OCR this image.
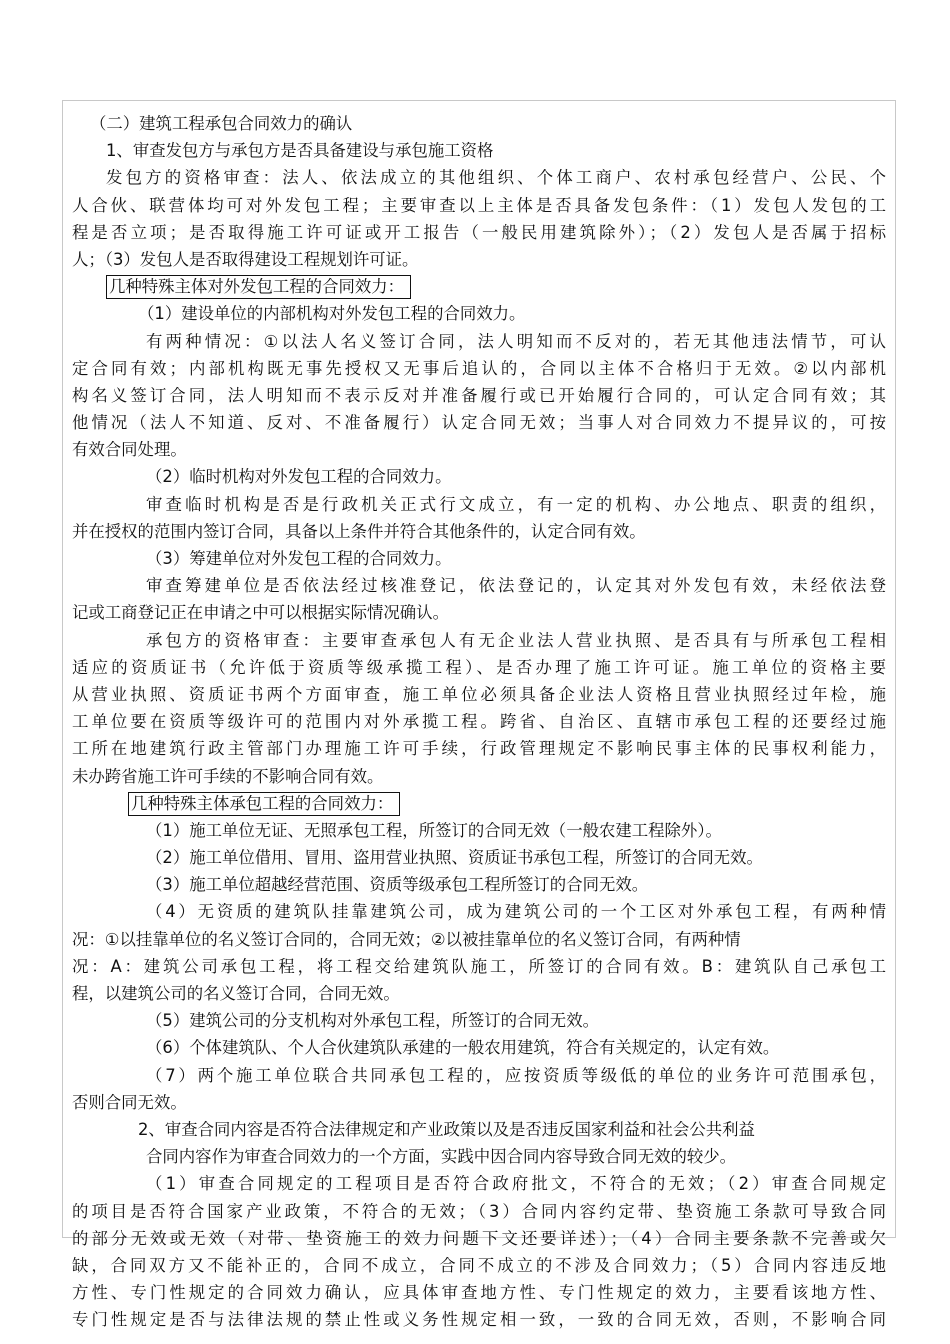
（二）建筑工程承包合同效力的确认
1、审查发包方与承包方是否具备建设与承包施工资格
发包方的资格审查：法人、依法成立的其他组织、个体工商户、农村承包经营户、公民、个
人合伙、联营体均可对外发包工程；主要审查以上主体是否具备发包条件：（1）发包人发包的工
程是否立项；是否取得施工许可证或开工报告（一般民用建筑除外）；（2）发包人是否属于招标
人；（3）发包人是否取得建设工程规划许可证。
几种特殊主体对外发包工程的合同效力：
（1）建设单位的内部机构对外发包工程的合同效力。
有两种情况：①以法人名义签订合同，法人明知而不反对的，若无其他违法情节，可认
定合同有效；内部机构既无事先授权又无事后追认的，合同以主体不合格归于无效。②以内部机
构名义签订合同，法人明知而不表示反对并准备履行或已开始履行合同的，可认定合同有效；其
他情况（法人不知道、反对、不准备履行）认定合同无效；当事人对合同效力不提异议的，可按
有效合同处理。
（2）临时机构对外发包工程的合同效力。
审查临时机构是否是行政机关正式行文成立，有一定的机构、办公地点、职责的组织，
并在授权的范围内签订合同，具备以上条件并符合其他条件的，认定合同有效。
（3）筹建单位对外发包工程的合同效力。
审查筹建单位是否依法经过核准登记，依法登记的，认定其对外发包有效，未经依法登
记或工商登记正在申请之中可以根据实际情况确认。
承包方的资格审查：主要审查承包人有无企业法人营业执照、是否具有与所承包工程相
适应的资质证书（允许低于资质等级承揽工程）、是否办理了施工许可证。施工单位的资格主要
从营业执照、资质证书两个方面审查，施工单位必须具备企业法人资格且营业执照经过年检，施
工单位要在资质等级许可的范围内对外承揽工程。跨省、自治区、直辖市承包工程的还要经过施
工所在地建筑行政主管部门办理施工许可手续，行政管理规定不影响民事主体的民事权利能力，
未办跨省施工许可手续的不影响合同有效。
几种特殊主体承包工程的合同效力：
（1）施工单位无证、无照承包工程，所签订的合同无效（一般农建工程除外）。
（2）施工单位借用、冒用、盗用营业执照、资质证书承包工程，所签订的合同无效。
（3）施工单位超越经营范围、资质等级承包工程所签订的合同无效。
（4）无资质的建筑队挂靠建筑公司，成为建筑公司的一个工区对外承包工程，有两种情
况：①以挂靠单位的名义签订合同的，合同无效；②以被挂靠单位的名义签订合同，有两种情
况：A：建筑公司承包工程，将工程交给建筑队施工，所签订的合同有效。B：建筑队自己承包工
程，以建筑公司的名义签订合同，合同无效。
（5）建筑公司的分支机构对外承包工程，所签订的合同无效。
（6）个体建筑队、个人合伙建筑队承建的一般农用建筑，符合有关规定的，认定有效。
（7）两个施工单位联合共同承包工程的，应按资质等级低的单位的业务许可范围承包，
否则合同无效。
2、审查合同内容是否符合法律规定和产业政策以及是否违反国家利益和社会公共利益
合同内容作为审查合同效力的一个方面，实践中因合同内容导致合同无效的较少。
（1）审查合同规定的工程项目是否符合政府批文，不符合的无效；（2）审查合同规定
的项目是否符合国家产业政策，不符合的无效；（3）合同内容约定带、垫资施工条款可导致合同
的部分无效或无效（对带、垫资施工的效力问题下文还要详述）；（4）合同主要条款不完善或欠
缺，合同双方又不能补正的，合同不成立，合同不成立的不涉及合同效力；（5）合同内容违反地
方性、专门性规定的合同效力确认，应具体审查地方性、专门性规定的效力，主要看该地方性、
专门性规定是否与法律法规的禁止性或义务性规定相一致，一致的合同无效，否则，不影响合同
